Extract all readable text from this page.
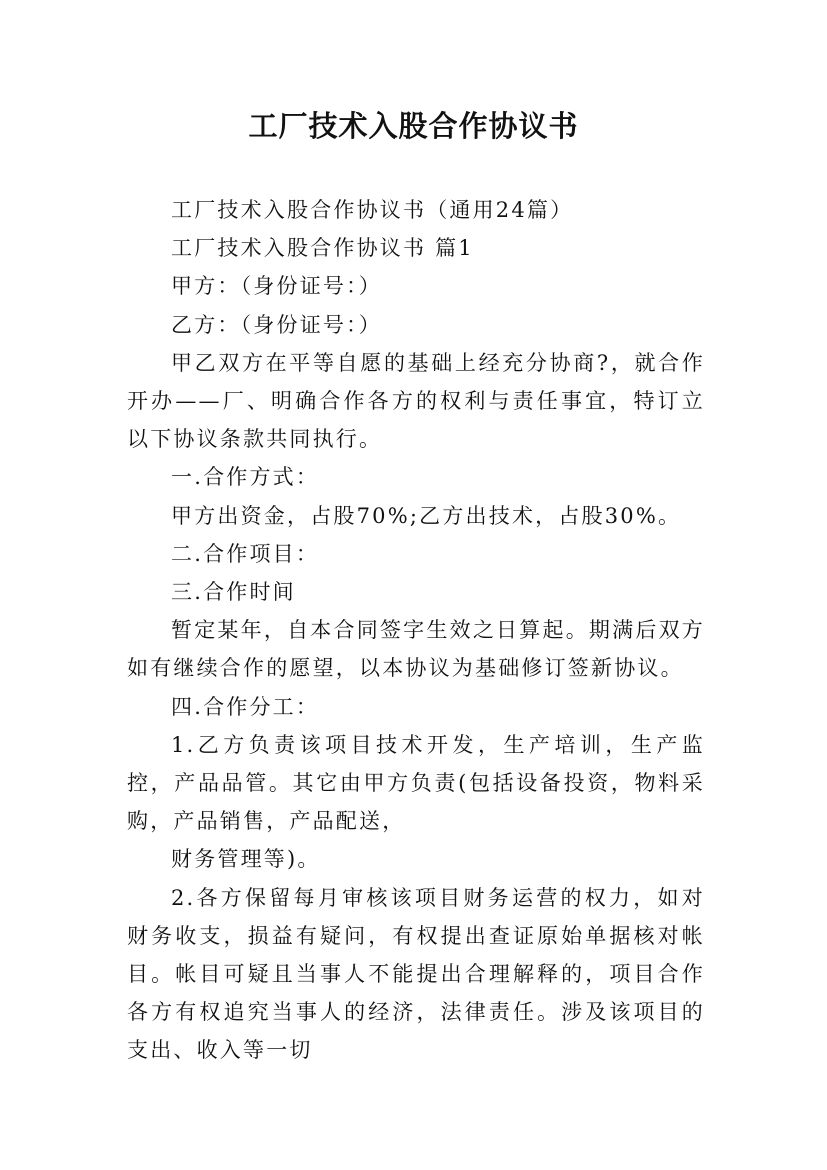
工厂技术入股合作协议书

工厂技术入股合作协议书（通用24篇）

工厂技术入股合作协议书 篇1

甲方：（身份证号：）

乙方：（身份证号：）

甲乙双方在平等自愿的基础上经充分协商?，就合作开办——厂、明确合作各方的权利与责任事宜，特订立以下协议条款共同执行。

一.合作方式：

甲方出资金，占股70%;乙方出技术，占股30%。

二.合作项目：

三.合作时间

暂定某年，自本合同签字生效之日算起。期满后双方如有继续合作的愿望，以本协议为基础修订签新协议。

四.合作分工：

1.乙方负责该项目技术开发，生产培训，生产监控，产品品管。其它由甲方负责(包括设备投资，物料采购，产品销售，产品配送，

财务管理等)。

2.各方保留每月审核该项目财务运营的权力，如对财务收支，损益有疑问，有权提出查证原始单据核对帐目。帐目可疑且当事人不能提出合理解释的，项目合作各方有权追究当事人的经济，法律责任。涉及该项目的支出、收入等一切
